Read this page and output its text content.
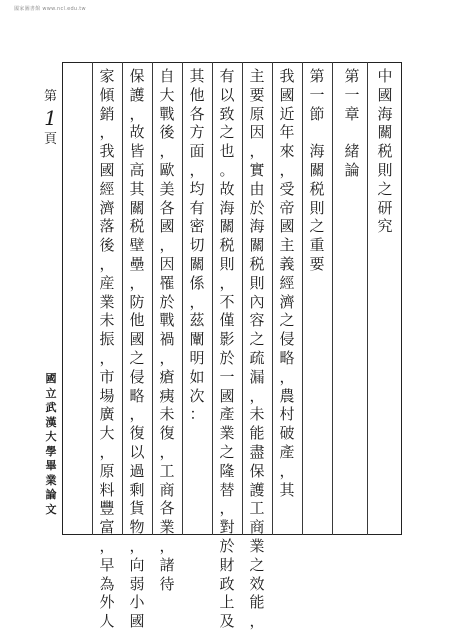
國家圖書館 www.ncl.edu.tw
中
國
海
關
税
則
之
研
究
第
一
章

緒
論
第
一
節

海
關
税
則
之
重
要
我
國
近
年
來
，
受
帝
國
主
義
經
濟
之
侵
略
，
農
村
破
產
，
其
主
要
原
因
，
實
由
於
海
關
税
則
內
容
之
疏
漏
，
未
能
盡
保
護
工
商
業
之
效
能
，
有
以
致
之
也
。
故
海
關
税
則
，
不
僅
影
於
一
國
產
業
之
隆
替
，
對
於
財
政
上
及
其
他
各
方
面
，
均
有
密
切
關
係
，
茲
闡
明
如
次
：
自
大
戰
後
，
歐
美
各
國
，
因
罹
於
戰
禍
，
瘡
痍
未
復
，
工
商
各
業
，
諸
待
保
護
，
故
皆
高
其
關
税
壁
壘
，
防
他
國
之
侵
略
，
復
以
過
剩
貨
物
，
向
弱
小
國
家
傾
銷
，
我
國
經
濟
落
後
，
産
業
未
振
，
市
場
廣
大
，
原
料
豐
富
，
早
為
外
人
第
1
頁
國
立
武
漢
大
學
畢
業
論
文
